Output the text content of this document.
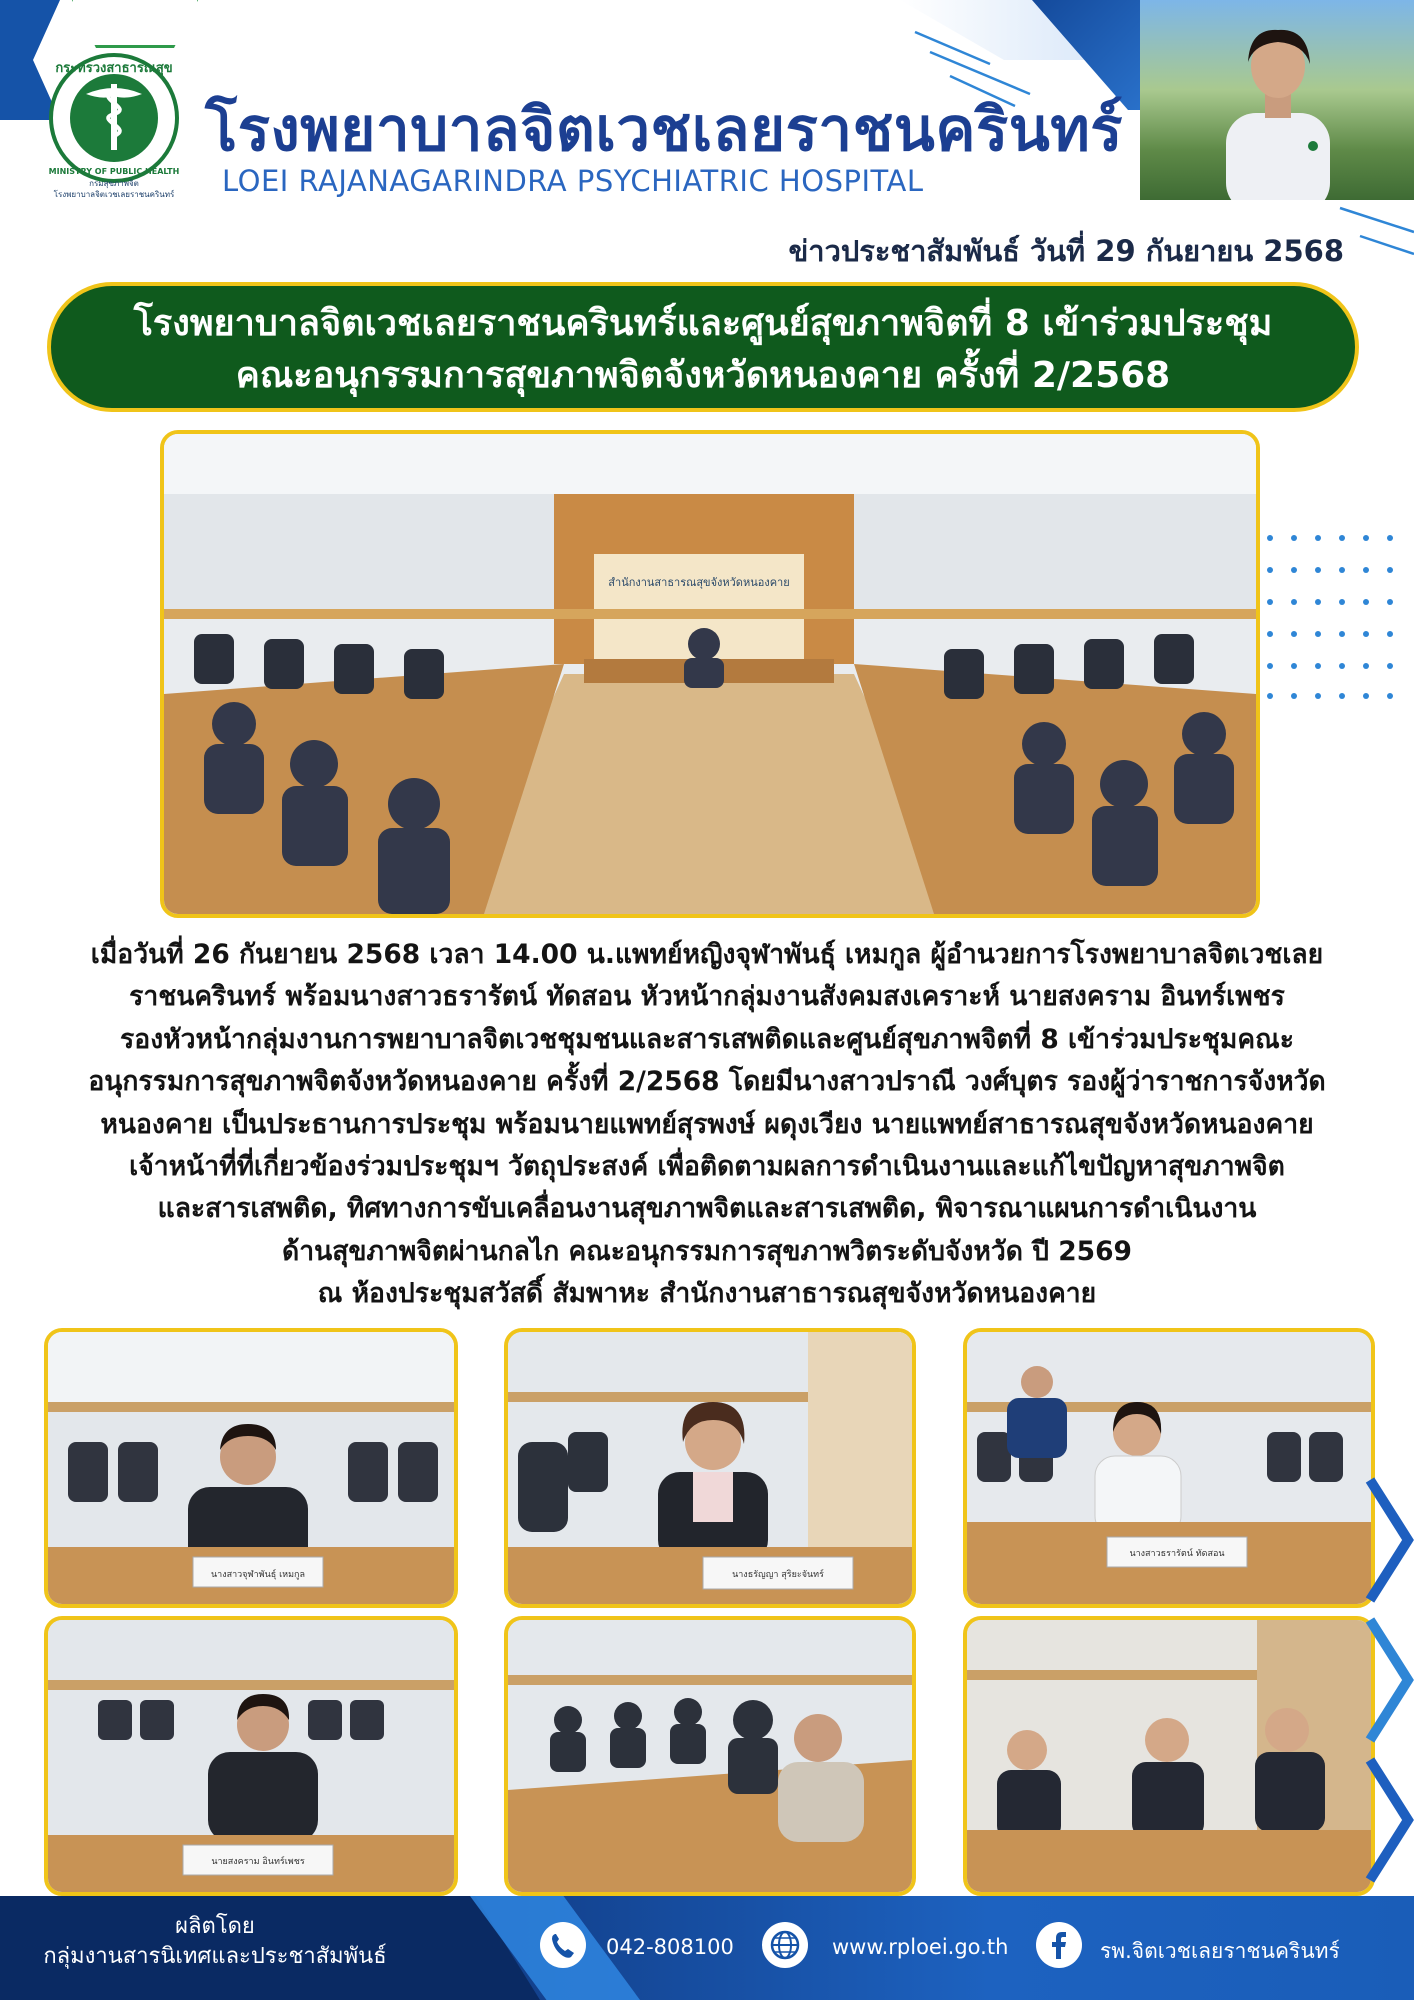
กระทรวงสาธารณสุข
MINISTRY OF PUBLIC HEALTH
กรมสุขภาพจิต
โรงพยาบาลจิตเวชเลยราชนครินทร์
โรงพยาบาลจิตเวชเลยราชนครินทร์
LOEI RAJANAGARINDRA PSYCHIATRIC HOSPITAL
ข่าวประชาสัมพันธ์ วันที่ 29 กันยายน 2568
โรงพยาบาลจิตเวชเลยราชนครินทร์และศูนย์สุขภาพจิตที่ 8 เข้าร่วมประชุม
คณะอนุกรรมการสุขภาพจิตจังหวัดหนองคาย ครั้งที่ 2/2568
สำนักงานสาธารณสุขจังหวัดหนองคาย
เมื่อวันที่ 26 กันยายน 2568 เวลา 14.00 น.แพทย์หญิงจุฬาพันธุ์ เหมกูล ผู้อำนวยการโรงพยาบาลจิตเวชเลย
ราชนครินทร์ พร้อมนางสาวธรารัตน์ ทัดสอน หัวหน้ากลุ่มงานสังคมสงเคราะห์ นายสงคราม อินทร์เพชร
รองหัวหน้ากลุ่มงานการพยาบาลจิตเวชชุมชนและสารเสพติดและศูนย์สุขภาพจิตที่ 8 เข้าร่วมประชุมคณะ
อนุกรรมการสุขภาพจิตจังหวัดหนองคาย ครั้งที่ 2/2568 โดยมีนางสาวปราณี วงศ์บุตร รองผู้ว่าราชการจังหวัด
หนองคาย เป็นประธานการประชุม พร้อมนายแพทย์สุรพงษ์ ผดุงเวียง นายแพทย์สาธารณสุขจังหวัดหนองคาย
เจ้าหน้าที่ที่เกี่ยวข้องร่วมประชุมฯ วัตถุประสงค์ เพื่อติดตามผลการดำเนินงานและแก้ไขปัญหาสุขภาพจิต
และสารเสพติด, ทิศทางการขับเคลื่อนงานสุขภาพจิตและสารเสพติด, พิจารณาแผนการดำเนินงาน
ด้านสุขภาพจิตผ่านกลไก คณะอนุกรรมการสุขภาพวิตระดับจังหวัด ปี 2569
ณ ห้องประชุมสวัสดิ์ สัมพาหะ สำนักงานสาธารณสุขจังหวัดหนองคาย
นางสาวจุฬาพันธุ์ เหมกูล	นางธรัญญา สุริยะจันทร์
นางสาวธรารัตน์ ทัดสอน
นายสงคราม อินทร์เพชร
ผลิตโดย
กลุ่มงานสารนิเทศและประชาสัมพันธ์	042-808100	www.rploei.go.th	รพ.จิตเวชเลยราชนครินทร์
